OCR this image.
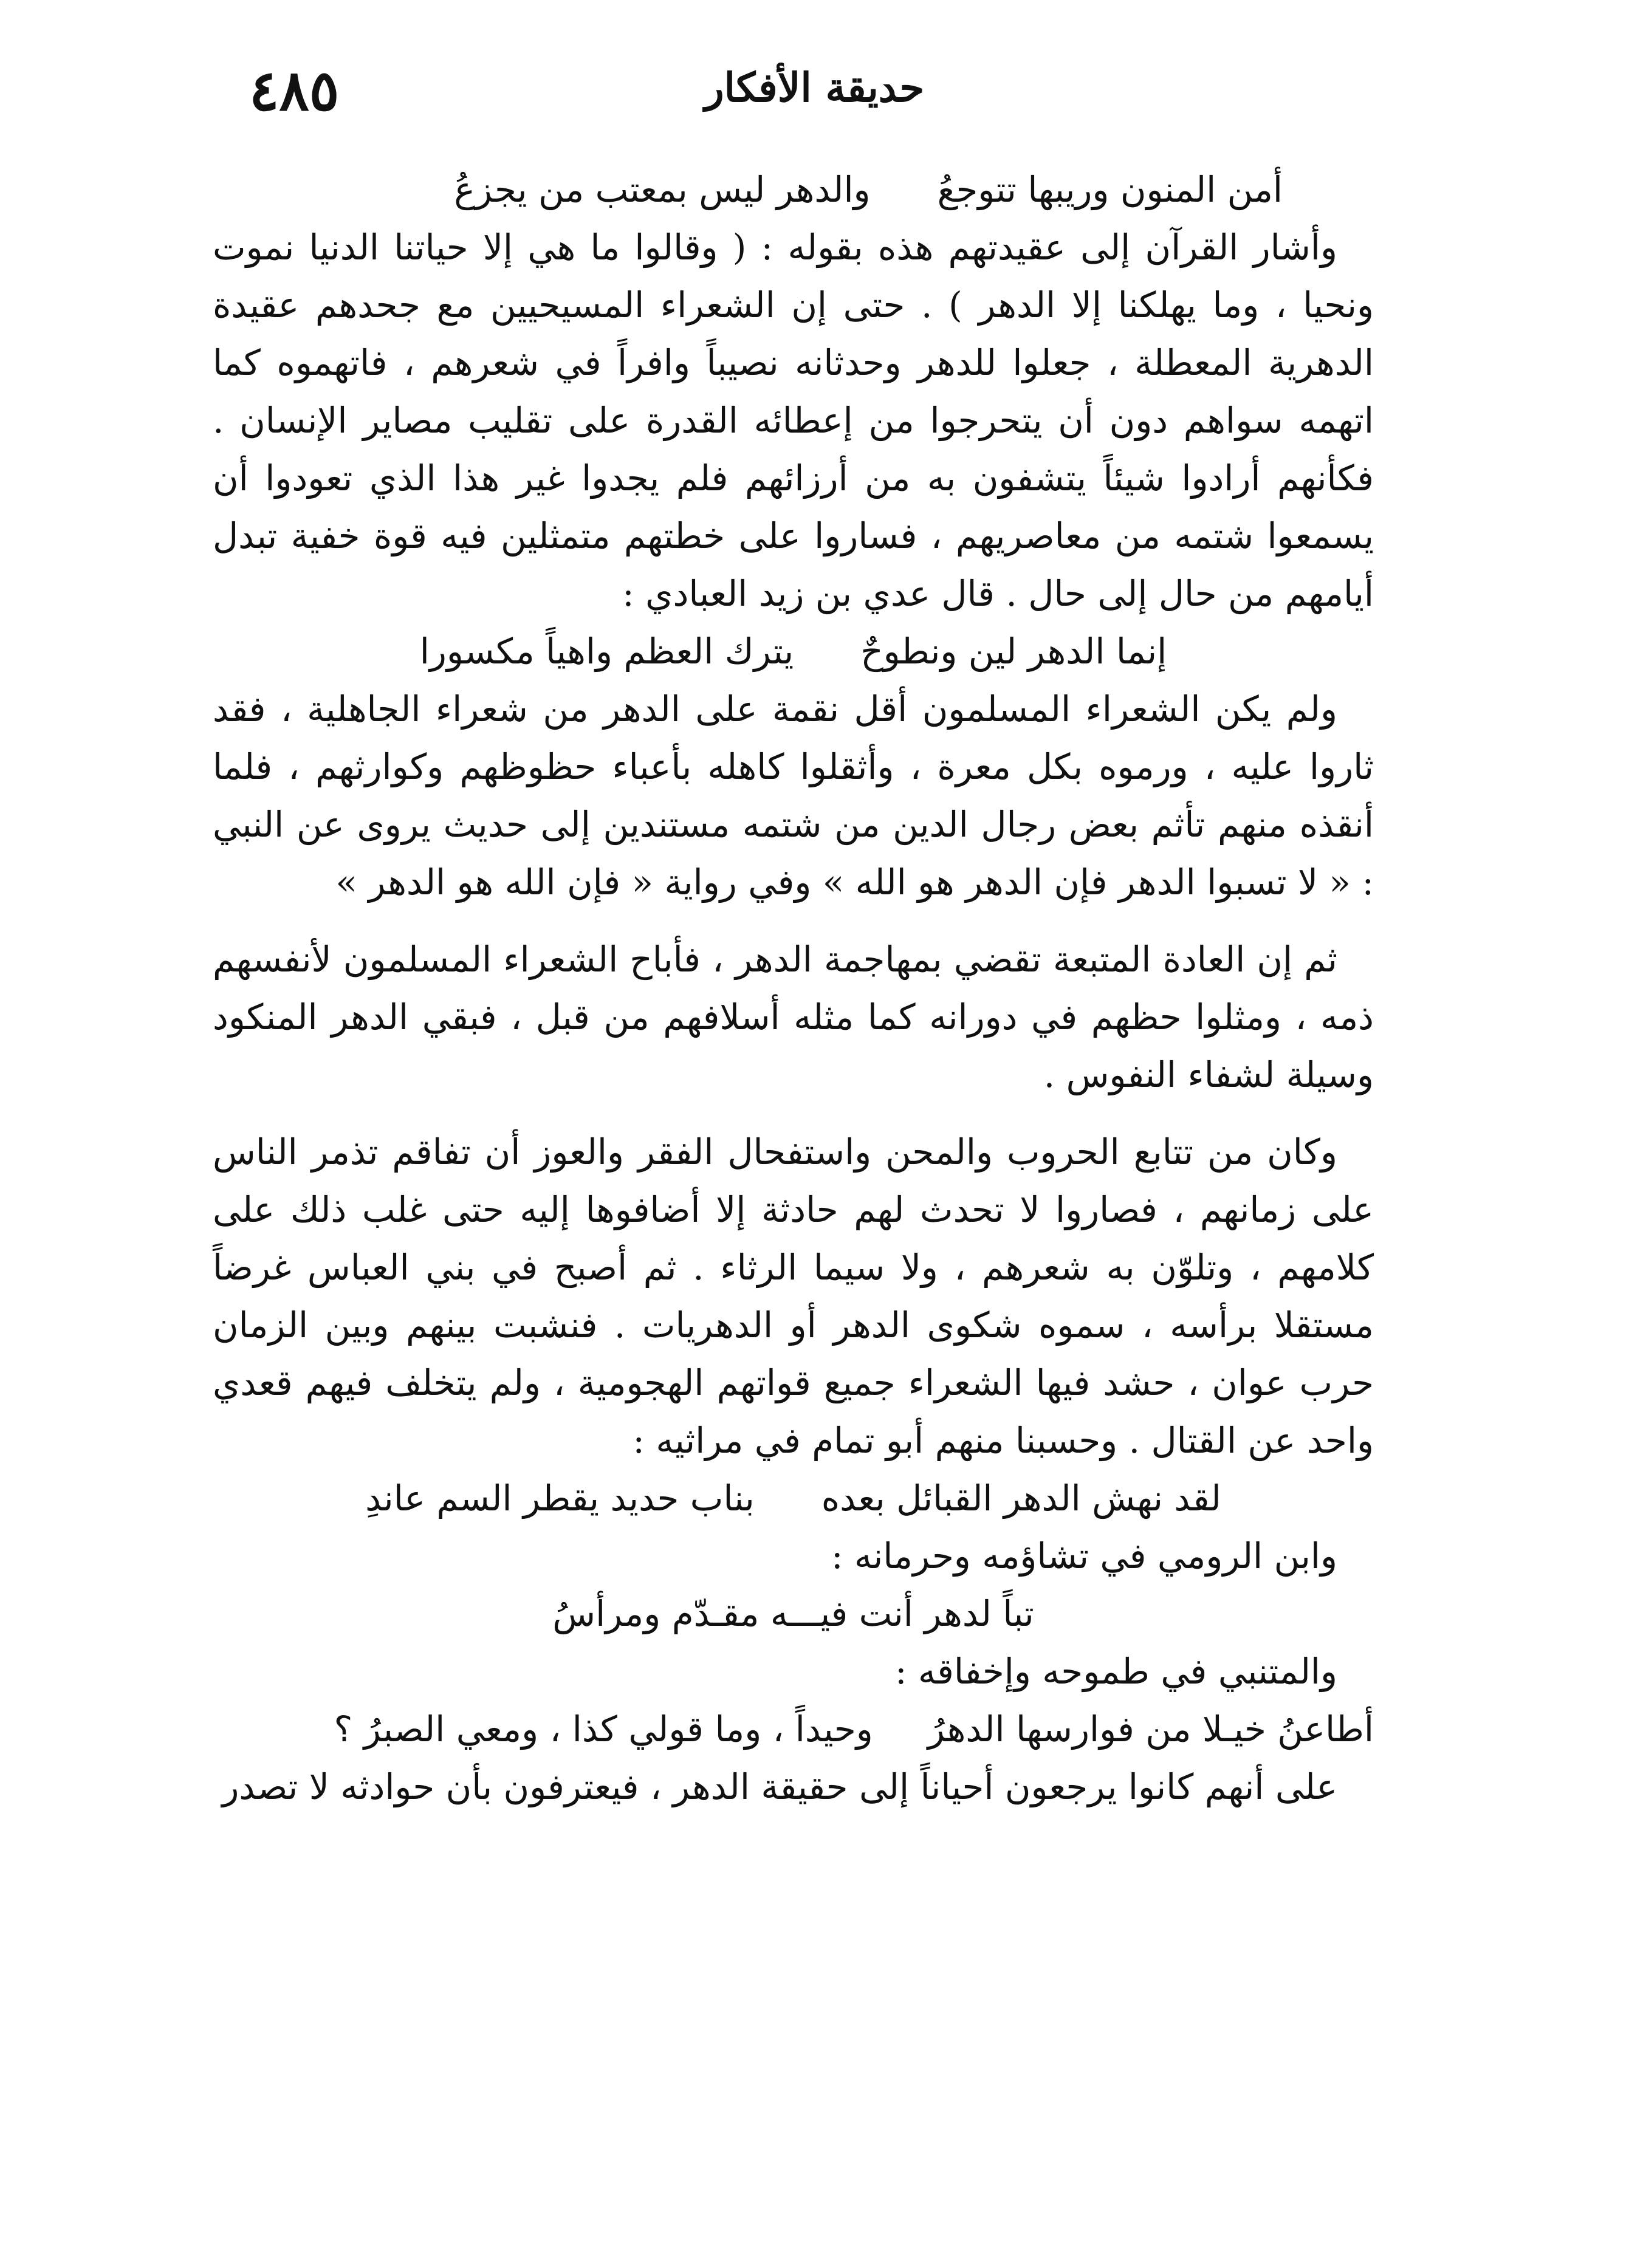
٤٨٥	حديقة الأفكار
أمن المنون وريبها تتوجعُ
والدهر ليس بمعتب من يجزعُ

وأشار القرآن إلى عقيدتهم هذه بقوله : ( وقالوا ما هي إلا حياتنا الدنيا نموت ونحيا ، وما يهلكنا إلا الدهر ) . حتى إن الشعراء المسيحيين مع جحدهم عقيدة الدهرية المعطلة ، جعلوا للدهر وحدثانه نصيباً وافراً في شعرهم ، فاتهموه كما اتهمه سواهم دون أن يتحرجوا من إعطائه القدرة على تقليب مصاير الإنسان . فكأنهم أرادوا شيئاً يتشفون به من أرزائهم فلم يجدوا غير هذا الذي تعودوا أن يسمعوا شتمه من معاصريهم ، فساروا على خطتهم متمثلين فيه قوة خفية تبدل أيامهم من حال إلى حال . قال عدي بن زيد العبادي :

إنما الدهر لين ونطوحٌ
يترك العظم واهياً مكسورا

ولم يكن الشعراء المسلمون أقل نقمة على الدهر من شعراء الجاهلية ، فقد ثاروا عليه ، ورموه بكل معرة ، وأثقلوا كاهله بأعباء حظوظهم وكوارثهم ، فلما أنقذه منهم تأثم بعض رجال الدين من شتمه مستندين إلى حديث يروى عن النبي : « لا تسبوا الدهر فإن الدهر هو الله » وفي رواية « فإن الله هو الدهر »

ثم إن العادة المتبعة تقضي بمهاجمة الدهر ، فأباح الشعراء المسلمون لأنفسهم ذمه ، ومثلوا حظهم في دورانه كما مثله أسلافهم من قبل ، فبقي الدهر المنكود وسيلة لشفاء النفوس .

وكان من تتابع الحروب والمحن واستفحال الفقر والعوز أن تفاقم تذمر الناس على زمانهم ، فصاروا لا تحدث لهم حادثة إلا أضافوها إليه حتى غلب ذلك على كلامهم ، وتلوّن به شعرهم ، ولا سيما الرثاء . ثم أصبح في بني العباس غرضاً مستقلا برأسه ، سموه شكوى الدهر أو الدهريات . فنشبت بينهم وبين الزمان حرب عوان ، حشد فيها الشعراء جميع قواتهم الهجومية ، ولم يتخلف فيهم قعدي واحد عن القتال . وحسبنا منهم أبو تمام في مراثيه :

لقد نهش الدهر القبائل بعده
بناب حديد يقطر السم عاندِ

وابن الرومي في تشاؤمه وحرمانه :

تباً لدهر أنت فيـــه مقـدّم ومرأسُ

والمتنبي في طموحه وإخفاقه :

أطاعنُ خيـلا من فوارسها الدهرُ
وحيداً ، وما قولي كذا ، ومعي الصبرُ ؟

على أنهم كانوا يرجعون أحياناً إلى حقيقة الدهر ، فيعترفون بأن حوادثه لا تصدر
